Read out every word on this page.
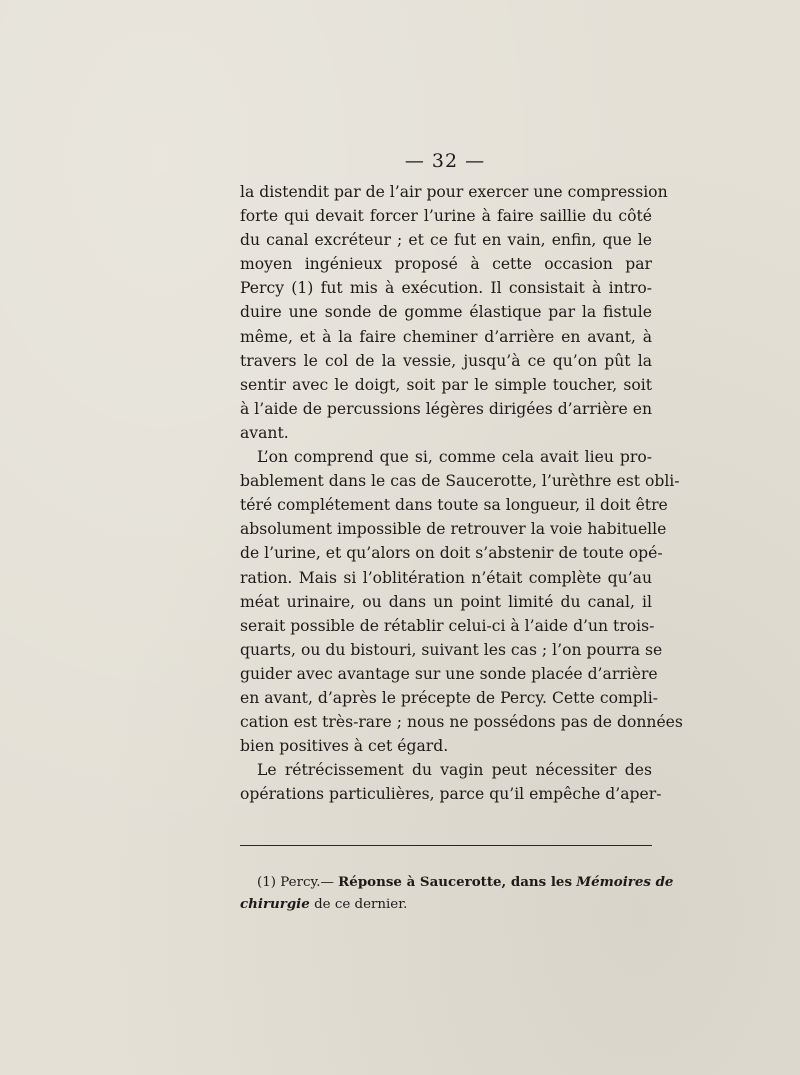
— 32 —
la distendit par de l’air pour exercer une compression
forte qui devait forcer l’urine à faire saillie du côté
du canal excréteur ; et ce fut en vain, enfin, que le
moyen ingénieux proposé à cette occasion par
Percy (1) fut mis à exécution. Il consistait à intro-
duire une sonde de gomme élastique par la fistule
même, et à la faire cheminer d’arrière en avant, à
travers le col de la vessie, jusqu’à ce qu’on pût la
sentir avec le doigt, soit par le simple toucher, soit
à l’aide de percussions légères dirigées d’arrière en
avant.
L’on comprend que si, comme cela avait lieu pro-
bablement dans le cas de Saucerotte, l’urèthre est obli-
téré complétement dans toute sa longueur, il doit être
absolument impossible de retrouver la voie habituelle
de l’urine, et qu’alors on doit s’abstenir de toute opé-
ration. Mais si l’oblitération n’était complète qu’au
méat urinaire, ou dans un point limité du canal, il
serait possible de rétablir celui-ci à l’aide d’un trois-
quarts, ou du bistouri, suivant les cas ; l’on pourra se
guider avec avantage sur une sonde placée d’arrière
en avant, d’après le précepte de Percy. Cette compli-
cation est très-rare ; nous ne possédons pas de données
bien positives à cet égard.
Le rétrécissement du vagin peut nécessiter des
opérations particulières, parce qu’il empêche d’aper-
(1) Percy.— Réponse à Saucerotte, dans les Mémoires de
chirurgie de ce dernier.
